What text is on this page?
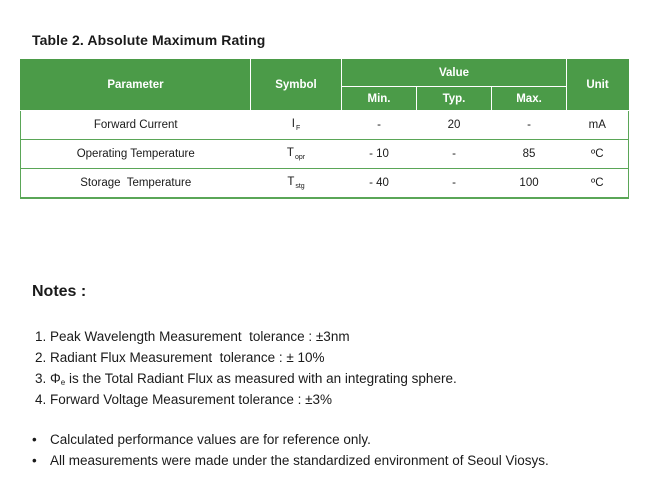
Table 2. Absolute Maximum Rating
Parameter	Symbol	Value			Unit
		Min.	Typ.	Max.	
Forward Current	$I_F$	-	20	-	mA
Operating Temperature	$T_{opr}$	- 10	-	85	ºC
Storage  Temperature	$T_{stg}$	- 40	-	100	ºC
Notes :
1. Peak Wavelength Measurement  tolerance : ±3nm
2. Radiant Flux Measurement  tolerance : ± 10%
3. $\Phi_e$ is the Total Radiant Flux as measured with an integrating sphere.
4. Forward Voltage Measurement tolerance : ±3%
• Calculated performance values are for reference only.
• All measurements were made under the standardized environment of Seoul Viosys.
